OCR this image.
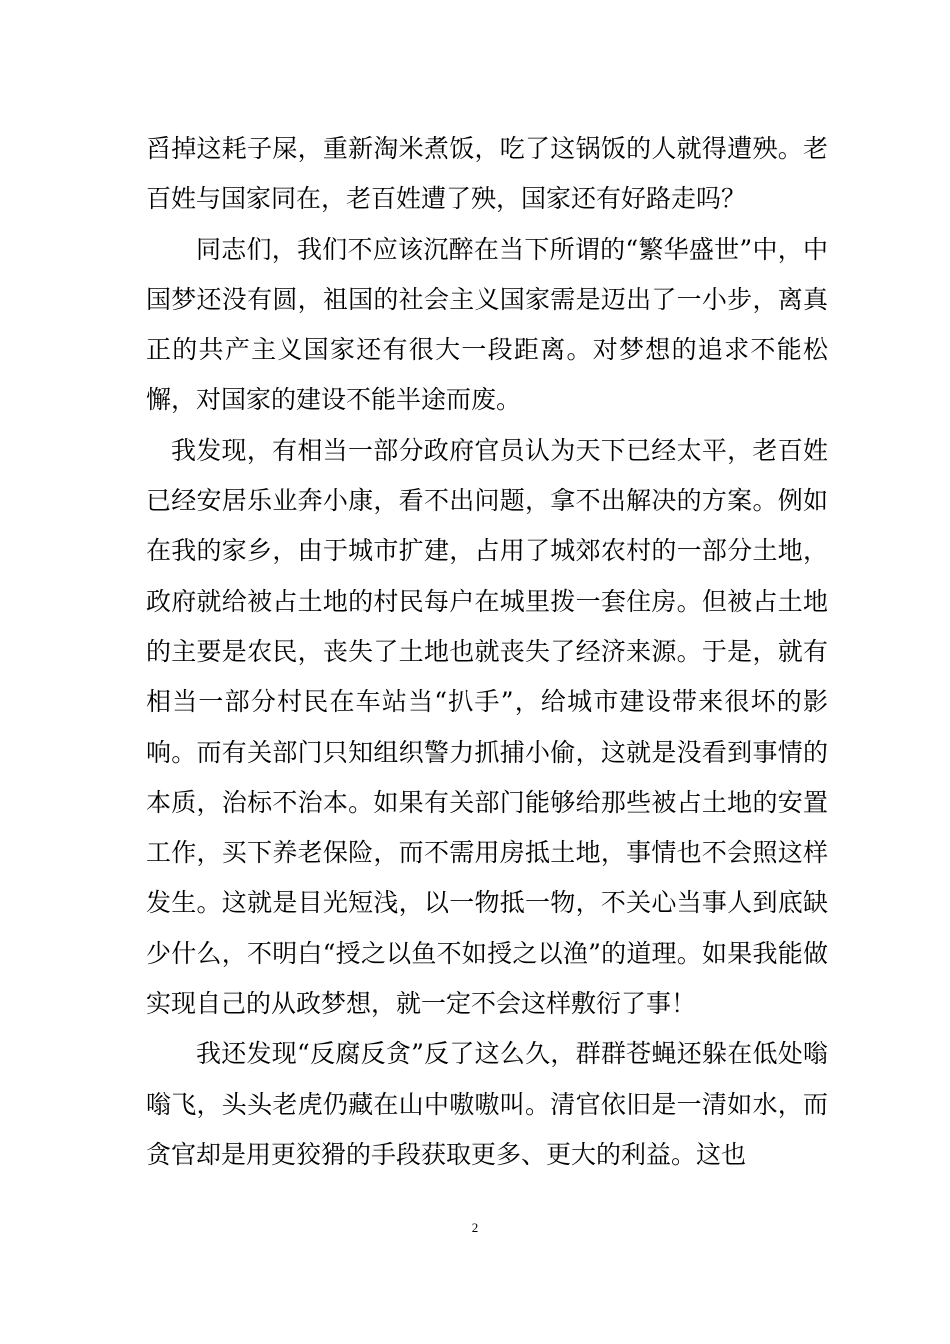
舀掉这耗子屎，重新淘米煮饭，吃了这锅饭的人就得遭殃。老百姓与国家同在，老百姓遭了殃，国家还有好路走吗？

同志们，我们不应该沉醉在当下所谓的“繁华盛世”中，中国梦还没有圆，祖国的社会主义国家需是迈出了一小步，离真正的共产主义国家还有很大一段距离。对梦想的追求不能松懈，对国家的建设不能半途而废。

我发现，有相当一部分政府官员认为天下已经太平，老百姓已经安居乐业奔小康，看不出问题，拿不出解决的方案。例如在我的家乡，由于城市扩建，占用了城郊农村的一部分土地，政府就给被占土地的村民每户在城里拨一套住房。但被占土地的主要是农民，丧失了土地也就丧失了经济来源。于是，就有相当一部分村民在车站当“扒手”，给城市建设带来很坏的影响。而有关部门只知组织警力抓捕小偷，这就是没看到事情的本质，治标不治本。如果有关部门能够给那些被占土地的安置工作，买下养老保险，而不需用房抵土地，事情也不会照这样发生。这就是目光短浅，以一物抵一物，不关心当事人到底缺少什么，不明白“授之以鱼不如授之以渔”的道理。如果我能做实现自己的从政梦想，就一定不会这样敷衍了事！

我还发现“反腐反贪”反了这么久，群群苍蝇还躲在低处嗡嗡飞，头头老虎仍藏在山中嗷嗷叫。清官依旧是一清如水，而贪官却是用更狡猾的手段获取更多、更大的利益。这也

2
